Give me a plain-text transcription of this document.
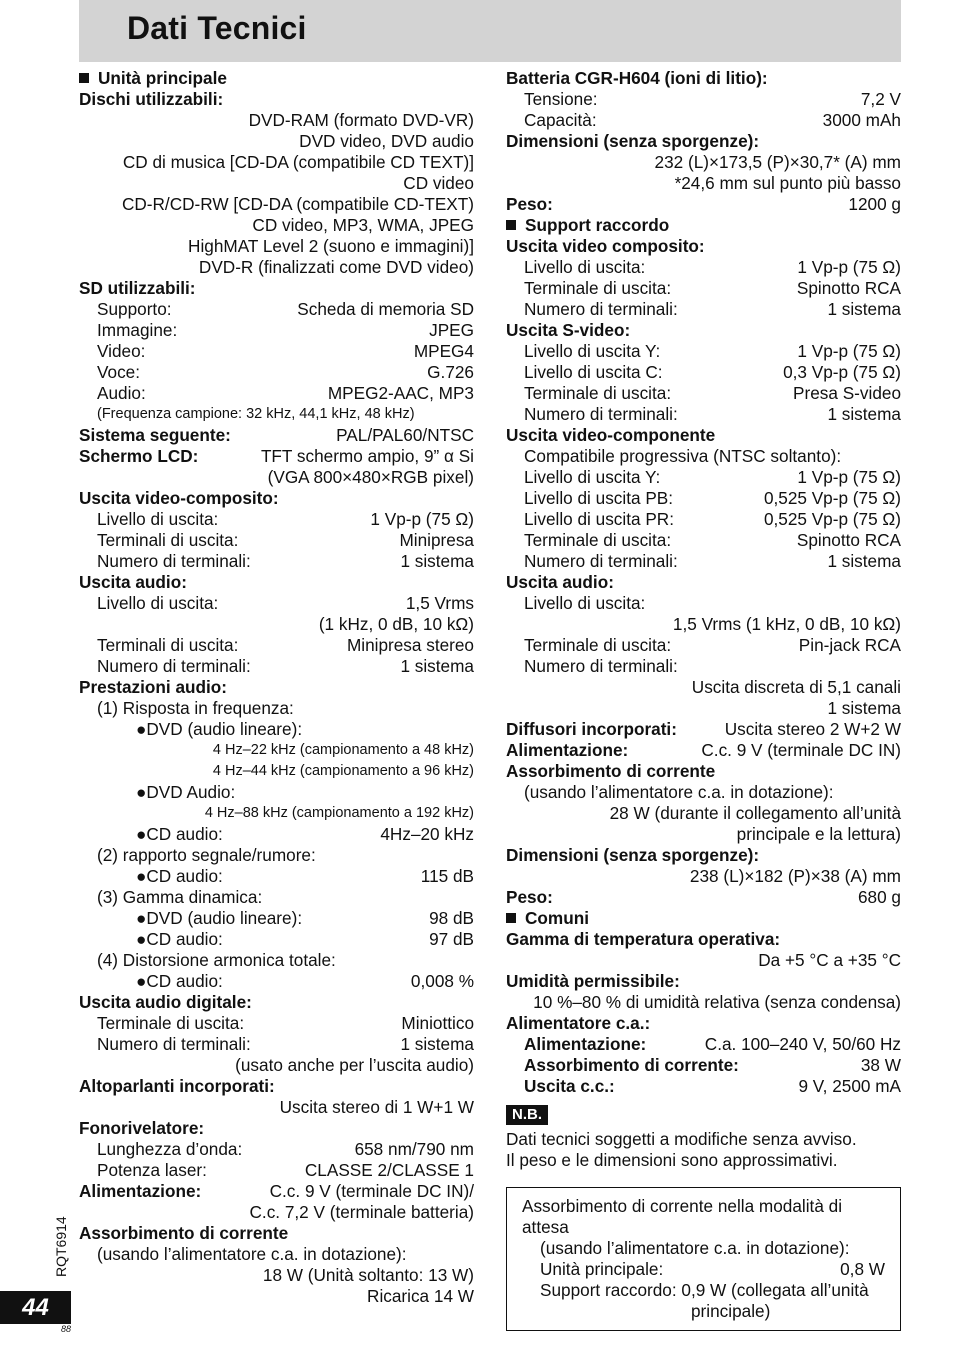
Dati Tecnici
Unità principale
Dischi utilizzabili:
DVD-RAM (formato DVD-VR)
DVD video, DVD audio
CD di musica [CD-DA (compatibile CD TEXT)]
CD video
CD-R/CD-RW [CD-DA (compatibile CD-TEXT)
CD video, MP3, WMA, JPEG
HighMAT Level 2 (suono e immagini)]
DVD-R (finalizzati come DVD video)
SD utilizzabili:
Supporto:	Scheda di memoria SD
Immagine:	JPEG
Video:	MPEG4
Voce:	G.726
Audio:	MPEG2-AAC, MP3
(Frequenza campione: 32 kHz, 44,1 kHz, 48 kHz)
Sistema seguente:	PAL/PAL60/NTSC
Schermo LCD:	TFT schermo ampio, 9” α Si
(VGA 800×480×RGB pixel)
Uscita video-composito:
Livello di uscita:	1 Vp-p (75 Ω)
Terminali di uscita:	Minipresa
Numero di terminali:	1 sistema
Uscita audio:
Livello di uscita:	1,5 Vrms
(1 kHz, 0 dB, 10 kΩ)
Terminali di uscita:	Minipresa stereo
Numero di terminali:	1 sistema
Prestazioni audio:
(1) Risposta in frequenza:
●DVD (audio lineare):
4 Hz–22 kHz (campionamento a 48 kHz)
4 Hz–44 kHz (campionamento a 96 kHz)
●DVD Audio:
4 Hz–88 kHz (campionamento a 192 kHz)
●CD audio:	4Hz–20 kHz
(2) rapporto segnale/rumore:
●CD audio:	115 dB
(3) Gamma dinamica:
●DVD (audio lineare):	98 dB
●CD audio:	97 dB
(4) Distorsione armonica totale:
●CD audio:	0,008 %
Uscita audio digitale:
Terminale di uscita:	Miniottico
Numero di terminali:	1 sistema
(usato anche per l’uscita audio)
Altoparlanti incorporati:
Uscita stereo di 1 W+1 W
Fonorivelatore:
Lunghezza d’onda:	658 nm/790 nm
Potenza laser:	CLASSE 2/CLASSE 1
Alimentazione:	C.c. 9 V (terminale DC IN)/
C.c. 7,2 V (terminale batteria)
Assorbimento di corrente
(usando l’alimentatore c.a. in dotazione):
18 W (Unità soltanto: 13 W)
Ricarica 14 W
Batteria CGR-H604 (ioni di litio):
Tensione:	7,2 V
Capacità:	3000 mAh
Dimensioni (senza sporgenze):
232 (L)×173,5 (P)×30,7* (A) mm
*24,6 mm sul punto più basso
Peso:	1200 g
Support raccordo
Uscita video composito:
Livello di uscita:	1 Vp-p (75 Ω)
Terminale di uscita:	Spinotto RCA
Numero di terminali:	1 sistema
Uscita S-video:
Livello di uscita Y:	1 Vp-p (75 Ω)
Livello di uscita C:	0,3 Vp-p (75 Ω)
Terminale di uscita:	Presa S-video
Numero di terminali:	1 sistema
Uscita video-componente
Compatibile progressiva (NTSC soltanto):
Livello di uscita Y:	1 Vp-p (75 Ω)
Livello di uscita PB:	0,525 Vp-p (75 Ω)
Livello di uscita PR:	0,525 Vp-p (75 Ω)
Terminale di uscita:	Spinotto RCA
Numero di terminali:	1 sistema
Uscita audio:
Livello di uscita:
1,5 Vrms (1 kHz, 0 dB, 10 kΩ)
Terminale di uscita:	Pin-jack RCA
Numero di terminali:
Uscita discreta di 5,1 canali
1 sistema
Diffusori incorporati:	Uscita stereo 2 W+2 W
Alimentazione:	C.c. 9 V (terminale DC IN)
Assorbimento di corrente
(usando l’alimentatore c.a. in dotazione):
28 W (durante il collegamento all’unità
principale e la lettura)
Dimensioni (senza sporgenze):
238 (L)×182 (P)×38 (A) mm
Peso:	680 g
Comuni
Gamma di temperatura operativa:
Da +5 °C a +35 °C
Umidità permissibile:
10 %–80 % di umidità relativa (senza condensa)
Alimentatore c.a.:
Alimentazione:	C.a. 100–240 V, 50/60 Hz
Assorbimento di corrente:	38 W
Uscita c.c.:	9 V, 2500 mA
N.B.
Dati tecnici soggetti a modifiche senza avviso.
Il peso e le dimensioni sono approssimativi.
Assorbimento di corrente nella modalità di
attesa
(usando l’alimentatore c.a. in dotazione):
Unità principale:	0,8 W
Support raccordo: 0,9 W (collegata all’unità
principale)
RQT6914
44
88
